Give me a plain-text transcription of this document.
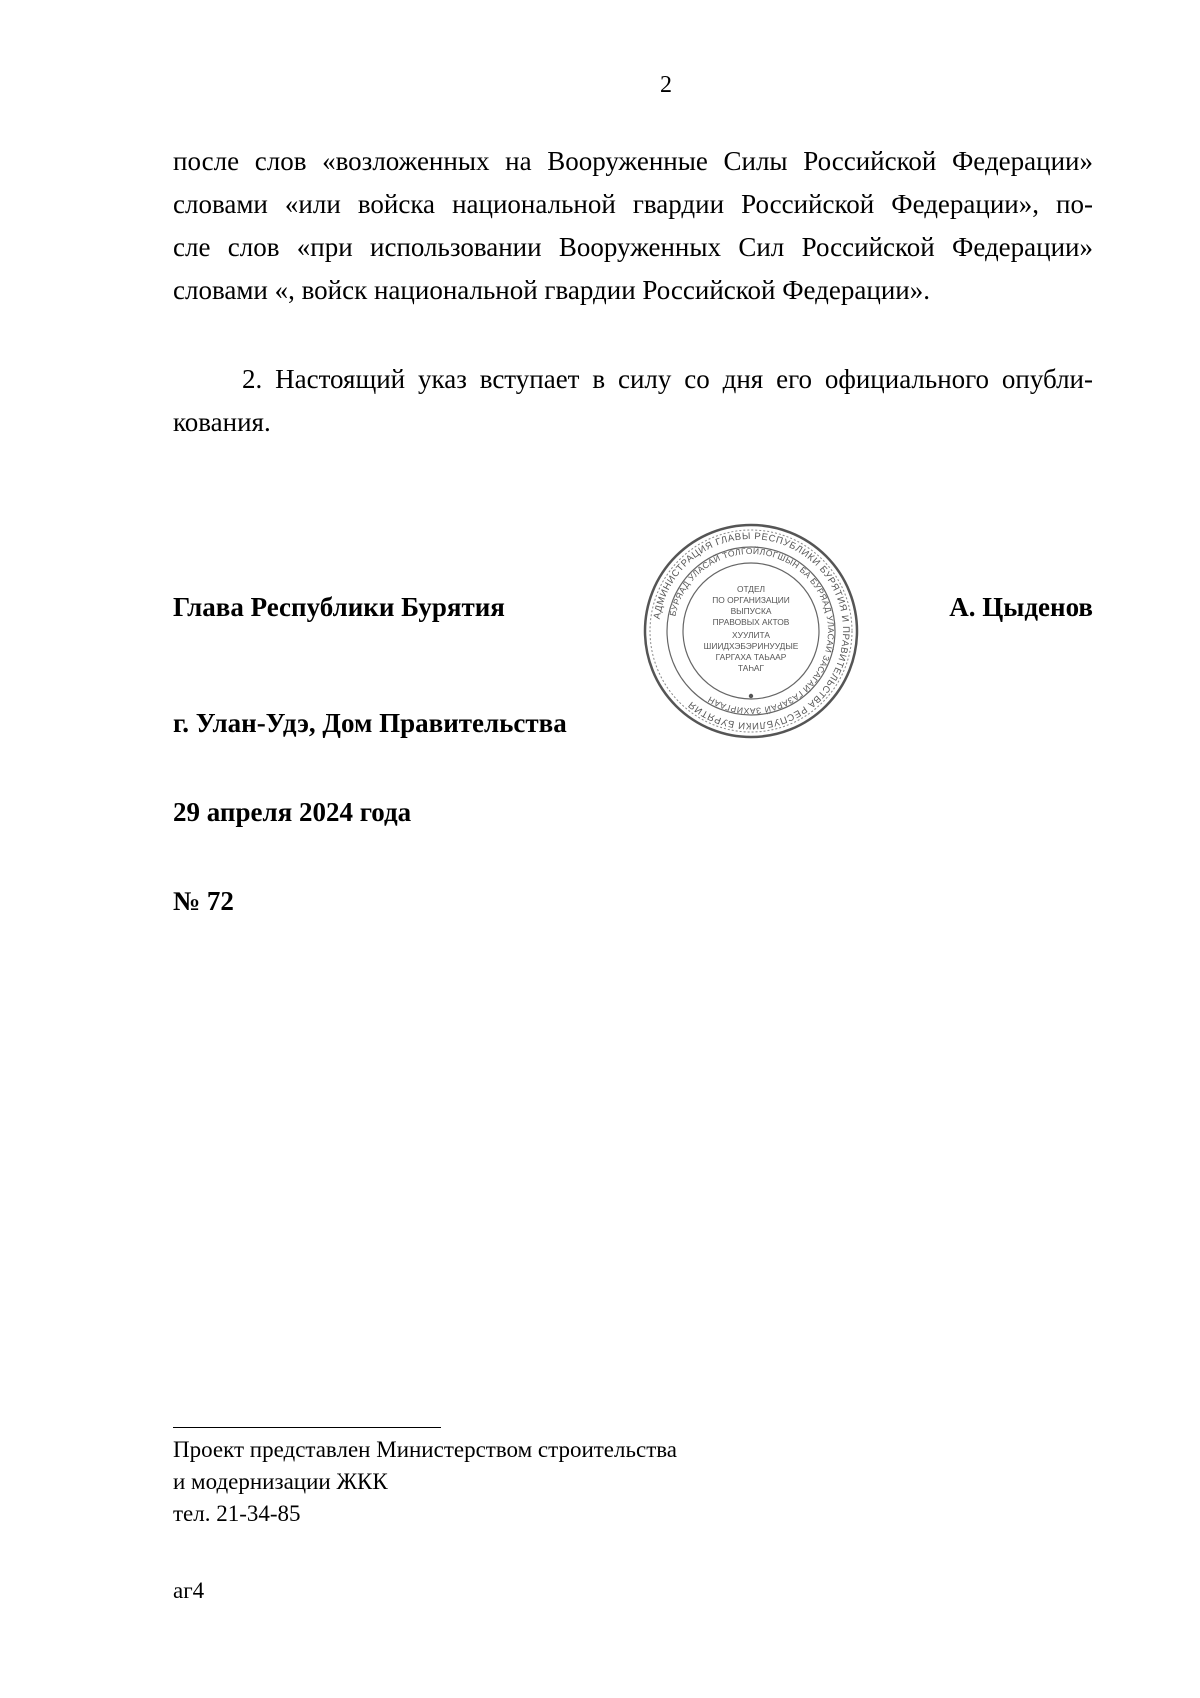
2
после слов «возложенных на Вооруженные Силы Российской Федерации»
словами «или войска национальной гвардии Российской Федерации», по-
сле слов «при использовании Вооруженных Сил Российской Федерации»
словами «, войск национальной гвардии Российской Федерации».
2. Настоящий указ вступает в силу со дня его официального опубли-
кования.
Глава Республики Бурятия	А. Цыденов
АДМИНИСТРАЦИЯ ГЛАВЫ РЕСПУБЛИКИ БУРЯТИЯ И ПРАВИТЕЛЬСТВА РЕСПУБЛИКИ БУРЯТИЯ
БУРЯАД УЛАСАЙ ТОЛГОЙЛОГШЫН БА БУРЯАД УЛАСАЙ ЗАСАГАЙ ГАЗАРАЙ ЗАХИРГААН
ОТДЕЛ
ПО ОРГАНИЗАЦИИ
ВЫПУСКА
ПРАВОВЫХ АКТОВ
ХУУЛИТА
ШИИДХЭБЭРИНУУДЫЕ
ГАРГАХА ТАЬААР
ТАҺАГ
г. Улан-Удэ, Дом Правительства
29 апреля 2024 года
№ 72
Проект представлен Министерством строительства
и модернизации ЖКК
тел. 21-34-85
аг4
